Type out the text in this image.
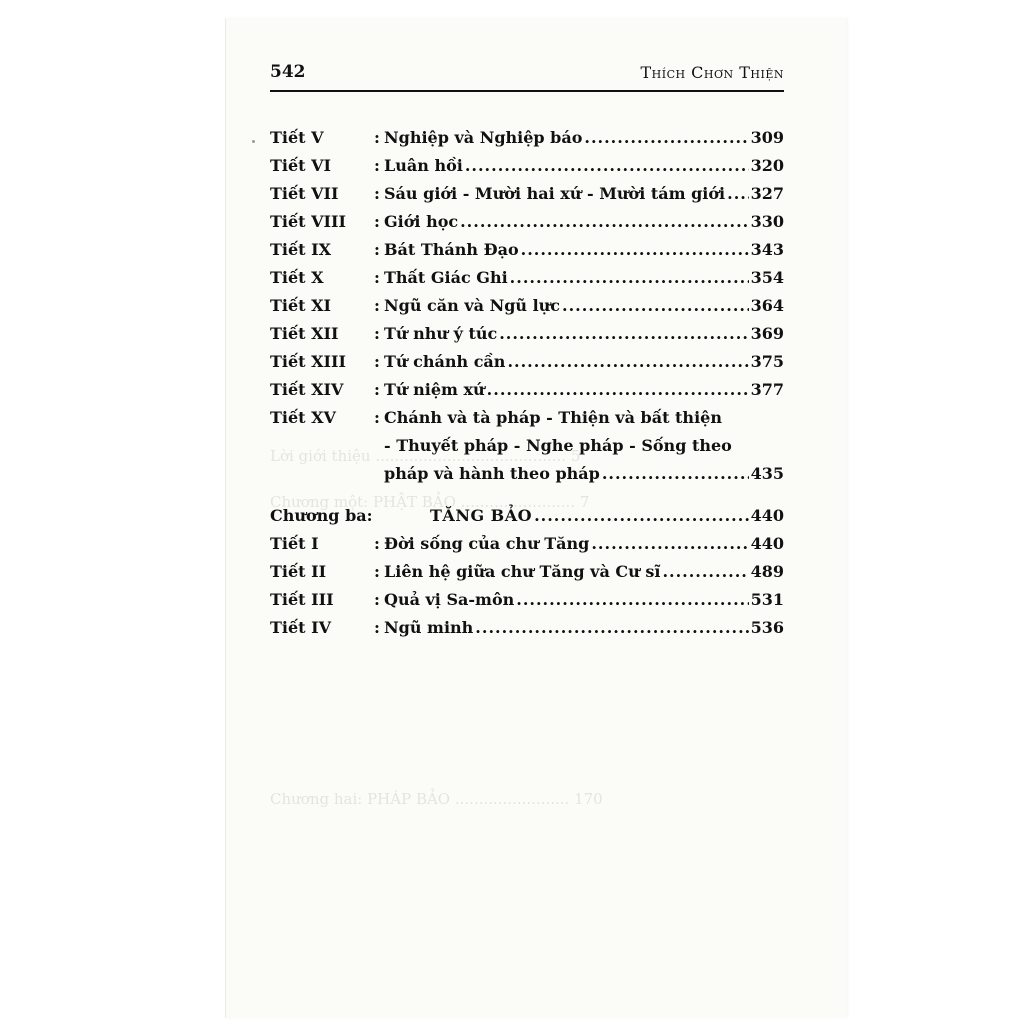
Lời giới thiệu ........................................ 5
Chương một: PHẬT BẢO ........................ 7
Chương hai: PHÁP BẢO ........................ 170
542	Thích Chơn Thiện
Tiết V	: Nghiệp và Nghiệp báo .....	309
Tiết VI	: Luân hồi .....	320
Tiết VII : Sáu giới - Mười hai xứ - Mười tám giới ..... 327
Tiết VIII : Giới học .....	330
Tiết IX	: Bát Thánh Đạo .....	343
Tiết X	: Thất Giác Ghi .....	354
Tiết XI	: Ngũ căn và Ngũ lực .....	364
Tiết XII : Tứ như ý túc .....	369
Tiết XIII : Tứ chánh cần .....	375
Tiết XIV : Tứ niệm xứ .....	377
Tiết XV : Chánh và tà pháp - Thiện và bất thiện
- Thuyết pháp - Nghe pháp - Sống theo
pháp và hành theo pháp .....	435
Chương ba:	TĂNG BẢO .....	440
Tiết I	: Đời sống của chư Tăng .....	440
Tiết II	: Liên hệ giữa chư Tăng và Cư sĩ .....	489
Tiết III	: Quả vị Sa-môn .....	531
Tiết IV	: Ngũ minh .....	536
